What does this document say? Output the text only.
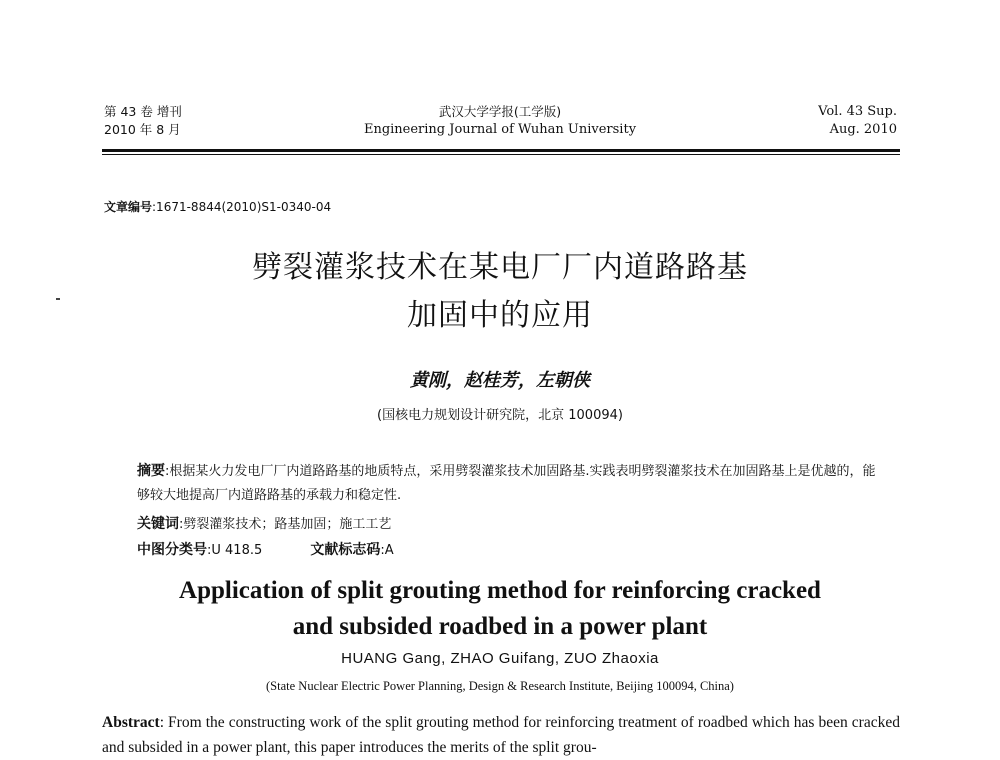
第 43 卷 增刊
2010 年 8 月
武汉大学学报(工学版)
Engineering Journal of Wuhan University
Vol. 43 Sup.
Aug. 2010
文章编号:1671-8844(2010)S1-0340-04
劈裂灌浆技术在某电厂厂内道路路基
加固中的应用
黄刚，赵桂芳，左朝侠
(国核电力规划设计研究院，北京 100094)
摘要:根据某火力发电厂厂内道路路基的地质特点，采用劈裂灌浆技术加固路基.实践表明劈裂灌浆技术在加固路基上是优越的，能够较大地提高厂内道路路基的承载力和稳定性.
关键词:劈裂灌浆技术；路基加固；施工工艺
中图分类号:U 418.5	文献标志码:A
Application of split grouting method for reinforcing cracked
and subsided roadbed in a power plant
HUANG Gang, ZHAO Guifang, ZUO Zhaoxia
(State Nuclear Electric Power Planning, Design & Research Institute, Beijing 100094, China)
Abstract: From the constructing work of the split grouting method for reinforcing treatment of roadbed which has been cracked and subsided in a power plant, this paper introduces the merits of the split grou-
